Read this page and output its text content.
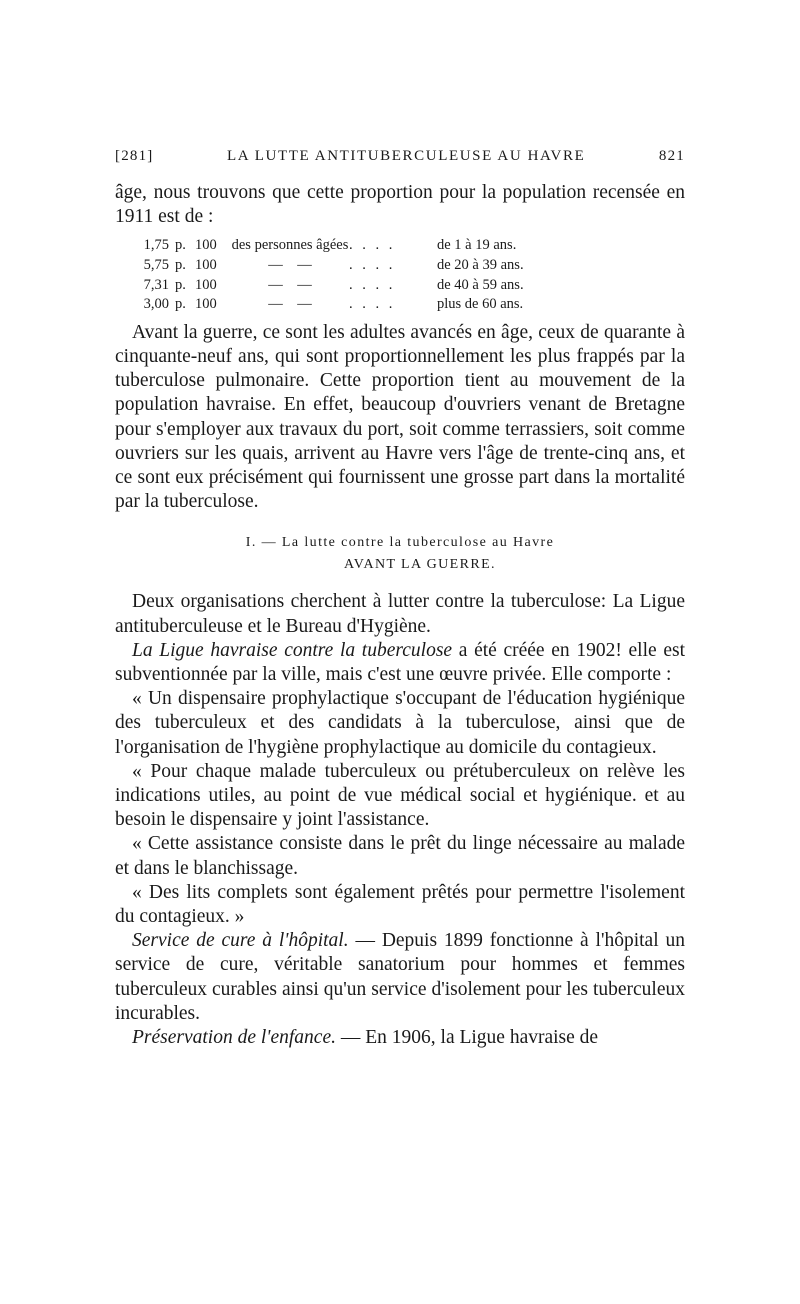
[281]	LA LUTTE ANTITUBERCULEUSE AU HAVRE	821

âge, nous trouvons que cette proportion pour la population recensée en 1911 est de :

1,75 p. 100	des personnes âgées . . . .	de 1 à 19 ans.
5,75 p. 100	—    —	. . . .	de 20 à 39 ans.
7,31 p. 100	—    —	. . . .	de 40 à 59 ans.
3,00 p. 100	—    —	. . . .	plus de 60 ans.

Avant la guerre, ce sont les adultes avancés en âge, ceux de quarante à cinquante-neuf ans, qui sont proportionnellement les plus frappés par la tuberculose pulmonaire. Cette proportion tient au mouvement de la population havraise. En effet, beaucoup d'ouvriers venant de Bretagne pour s'employer aux travaux du port, soit comme terrassiers, soit comme ouvriers sur les quais, arrivent au Havre vers l'âge de trente-cinq ans, et ce sont eux précisément qui fournissent une grosse part dans la mortalité par la tuberculose.

I. — La lutte contre la tuberculose au Havre
AVANT LA GUERRE.

Deux organisations cherchent à lutter contre la tuberculose: La Ligue antituberculeuse et le Bureau d'Hygiène.

La Ligue havraise contre la tuberculose a été créée en 1902! elle est subventionnée par la ville, mais c'est une œuvre privée. Elle comporte :

« Un dispensaire prophylactique s'occupant de l'éducation hygiénique des tuberculeux et des candidats à la tuberculose, ainsi que de l'organisation de l'hygiène prophylactique au domicile du contagieux.

« Pour chaque malade tuberculeux ou prétuberculeux on relève les indications utiles, au point de vue médical social et hygiénique. et au besoin le dispensaire y joint l'assistance.

« Cette assistance consiste dans le prêt du linge nécessaire au malade et dans le blanchissage.

« Des lits complets sont également prêtés pour permettre l'isolement du contagieux. »

Service de cure à l'hôpital. — Depuis 1899 fonctionne à l'hôpital un service de cure, véritable sanatorium pour hommes et femmes tuberculeux curables ainsi qu'un service d'isolement pour les tuberculeux incurables.

Préservation de l'enfance. — En 1906, la Ligue havraise de
